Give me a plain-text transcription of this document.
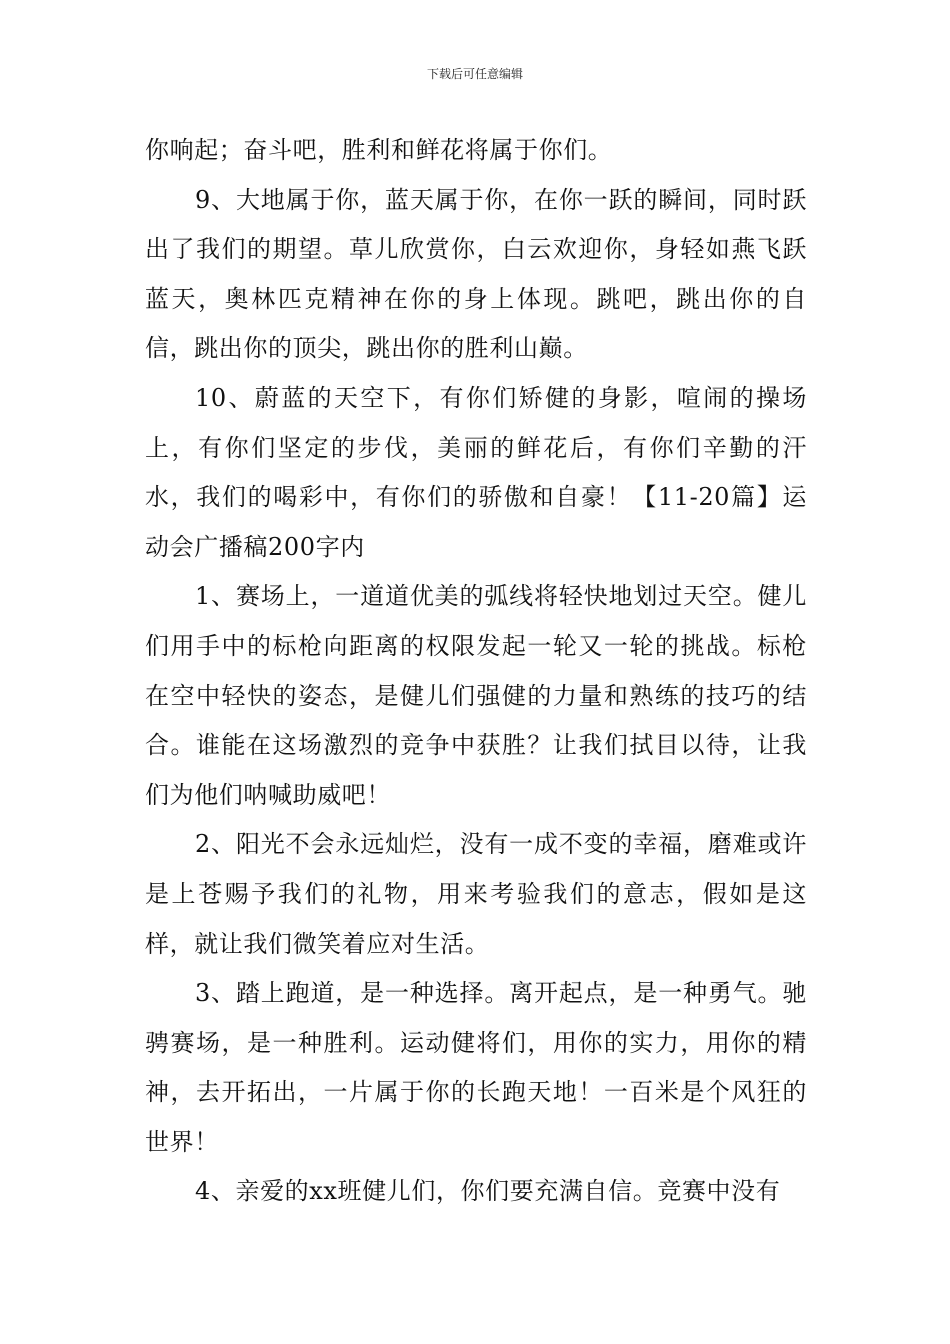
下载后可任意编辑

你响起；奋斗吧，胜利和鲜花将属于你们。

9、大地属于你，蓝天属于你，在你一跃的瞬间，同时跃出了我们的期望。草儿欣赏你，白云欢迎你，身轻如燕飞跃蓝天，奥林匹克精神在你的身上体现。跳吧，跳出你的自信，跳出你的顶尖，跳出你的胜利山巅。

10、蔚蓝的天空下，有你们矫健的身影，喧闹的操场上，有你们坚定的步伐，美丽的鲜花后，有你们辛勤的汗水，我们的喝彩中，有你们的骄傲和自豪！【11-20篇】运动会广播稿200字内

1、赛场上，一道道优美的弧线将轻快地划过天空。健儿们用手中的标枪向距离的权限发起一轮又一轮的挑战。标枪在空中轻快的姿态，是健儿们强健的力量和熟练的技巧的结合。谁能在这场激烈的竞争中获胜？让我们拭目以待，让我们为他们呐喊助威吧！

2、阳光不会永远灿烂，没有一成不变的幸福，磨难或许是上苍赐予我们的礼物，用来考验我们的意志，假如是这样，就让我们微笑着应对生活。

3、踏上跑道，是一种选择。离开起点，是一种勇气。驰骋赛场，是一种胜利。运动健将们，用你的实力，用你的精神，去开拓出，一片属于你的长跑天地！一百米是个风狂的世界！

4、亲爱的xx班健儿们，你们要充满自信。竞赛中没有
